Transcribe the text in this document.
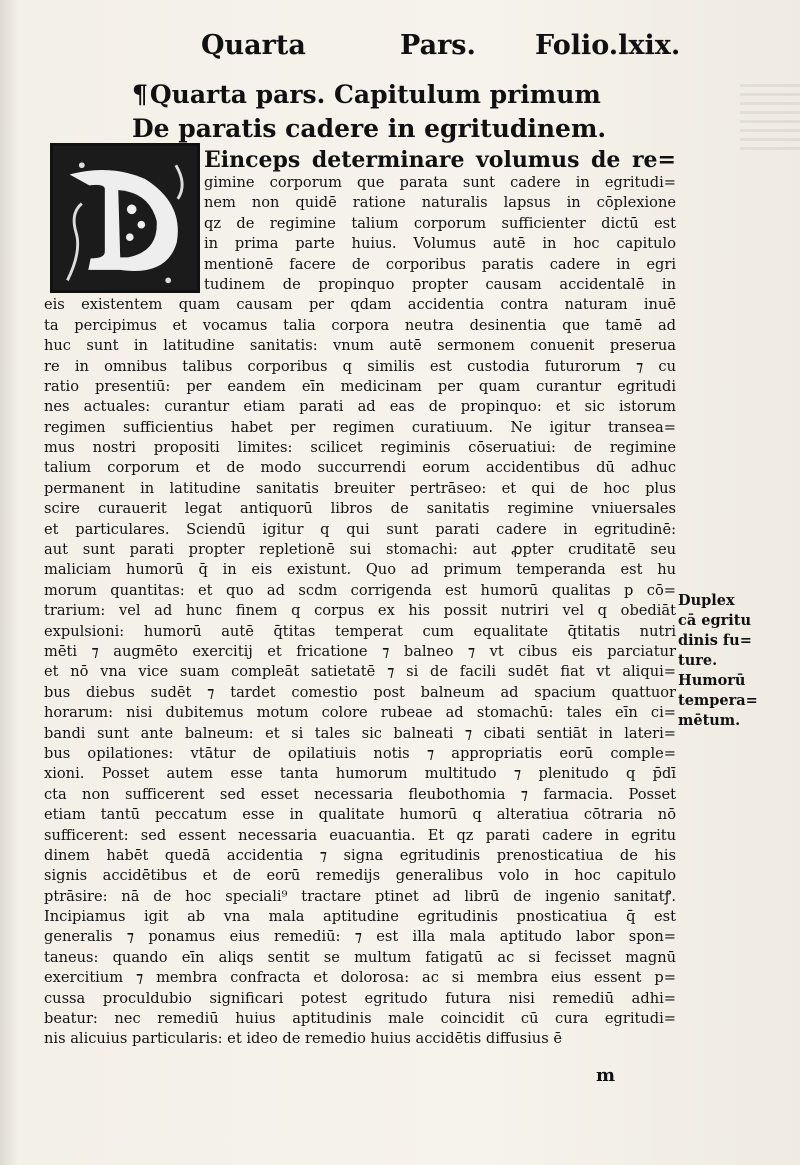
Quarta	Pars. Folio.lxix.
¶Quarta pars. Capitulum primum
De paratis cadere in egritudinem.
Einceps determinare volumus de re=
gimine corporum que parata sunt cadere in egritudi=
nem non quidē ratione naturalis lapsus in cōplexione
qz de regimine talium corporum sufficienter dictū est
in prima parte huius. Volumus autē in hoc capitulo
mentionē facere de corporibus paratis cadere in egri
tudinem de propinquo propter causam accidentalē in
eis existentem quam causam per qdam accidentia contra naturam inuē
ta percipimus et vocamus talia corpora neutra desinentia que tamē ad
huc sunt in latitudine sanitatis: vnum autē sermonem conuenit preserua
re in omnibus talibus corporibus q similis est custodia futurorum ⁊ cu
ratio presentiū: per eandem eīn medicinam per quam curantur egritudi
nes actuales: curantur etiam parati ad eas de propinquo: et sic istorum
regimen sufficientius habet per regimen curatiuum. Ne igitur transea=
mus nostri propositi limites: scilicet regiminis cōseruatiui: de regimine
talium corporum et de modo succurrendi eorum accidentibus dū adhuc
permanent in latitudine sanitatis breuiter pertrāseo: et qui de hoc plus
scire curauerit legat antiquorū libros de sanitatis regimine vniuersales
et particulares. Sciendū igitur q qui sunt parati cadere in egritudinē:
aut sunt parati propter repletionē sui stomachi: aut ꝓpter cruditatē seu
maliciam humorū q̄ in eis existunt. Quo ad primum temperanda est hu
morum quantitas: et quo ad scdm corrigenda est humorū qualitas p cō=
trarium: vel ad hunc finem q corpus ex his possit nutriri vel q obediāt
expulsioni: humorū autē q̄titas temperat cum equalitate q̄titatis nutri
mēti ⁊ augmēto exercitij et fricatione ⁊ balneo ⁊ vt cibus eis parciatur
et nō vna vice suam compleāt satietatē ⁊ si de facili sudēt fiat vt aliqui=
bus diebus sudēt ⁊ tardet comestio post balneum ad spacium quattuor
horarum: nisi dubitemus motum colore rubeae ad stomachū: tales eīn ci=
bandi sunt ante balneum: et si tales sic balneati ⁊ cibati sentiāt in lateri=
bus opilationes: vtātur de opilatiuis notis ⁊ appropriatis eorū comple=
xioni. Posset autem esse tanta humorum multitudo ⁊ plenitudo q p̄dī
cta non sufficerent sed esset necessaria fleubothomia ⁊ farmacia. Posset
etiam tantū peccatum esse in qualitate humorū q alteratiua cōtraria nō
sufficerent: sed essent necessaria euacuantia. Et qz parati cadere in egritu
dinem habēt quedā accidentia ⁊ signa egritudinis prenosticatiua de his
signis accidētibus et de eorū remedijs generalibus volo in hoc capitulo
ptrāsire: nā de hoc speciali⁹ tractare ptinet ad librū de ingenio sanitatꝭ.
Incipiamus igit ab vna mala aptitudine egritudinis pnosticatiua q̄ est
generalis ⁊ ponamus eius remediū: ⁊ est illa mala aptitudo labor spon=
taneus: quando eīn aliqs sentit se multum fatigatū ac si fecisset magnū
exercitium ⁊ membra confracta et dolorosa: ac si membra eius essent p=
cussa proculdubio significari potest egritudo futura nisi remediū adhi=
beatur: nec remediū huius aptitudinis male coincidit cū cura egritudi=
nis alicuius particularis: et ideo de remedio huius accidētis diffusius ē
Duplex
cā egritu
dinis fu=
ture.
Humorū
tempera=
mētum.
m
